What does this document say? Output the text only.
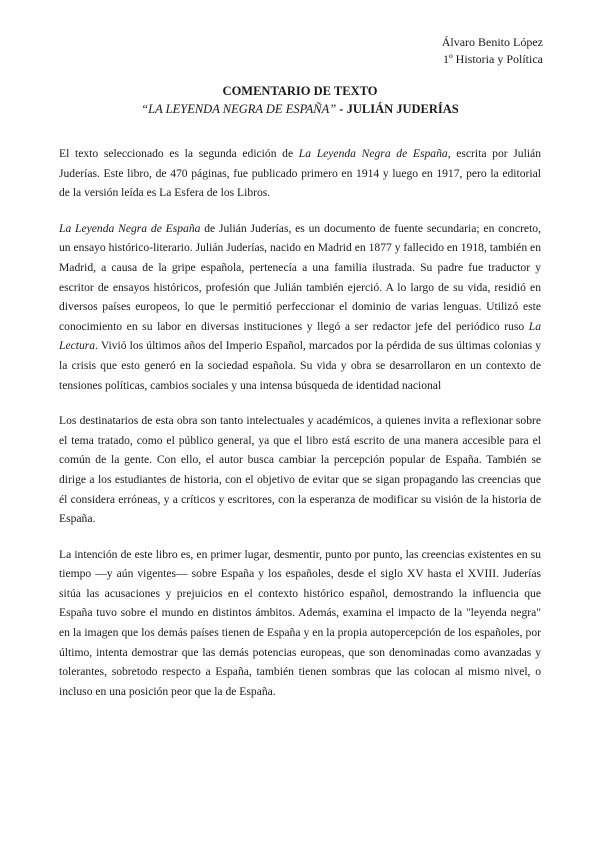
Álvaro Benito López
1º Historia y Política
COMENTARIO DE TEXTO
“LA LEYENDA NEGRA DE ESPAÑA” - JULIÁN JUDERÍAS

El texto seleccionado es la segunda edición de La Leyenda Negra de España, escrita por Julián Juderías. Este libro, de 470 páginas, fue publicado primero en 1914 y luego en 1917, pero la editorial de la versión leída es La Esfera de los Libros.

La Leyenda Negra de España de Julián Juderías, es un documento de fuente secundaria; en concreto, un ensayo histórico-literario. Julián Juderías, nacido en Madrid en 1877 y fallecido en 1918, también en Madrid, a causa de la gripe española, pertenecía a una familia ilustrada. Su padre fue traductor y escritor de ensayos históricos, profesión que Julián también ejerció. A lo largo de su vida, residió en diversos países europeos, lo que le permitió perfeccionar el dominio de varias lenguas. Utilizó este conocimiento en su labor en diversas instituciones y llegó a ser redactor jefe del periódico ruso La Lectura. Vivió los últimos años del Imperio Español, marcados por la pérdida de sus últimas colonias y la crisis que esto generó en la sociedad española. Su vida y obra se desarrollaron en un contexto de tensiones políticas, cambios sociales y una intensa búsqueda de identidad nacional

Los destinatarios de esta obra son tanto intelectuales y académicos, a quienes invita a reflexionar sobre el tema tratado, como el público general, ya que el libro está escrito de una manera accesible para el común de la gente. Con ello, el autor busca cambiar la percepción popular de España. También se dirige a los estudiantes de historia, con el objetivo de evitar que se sigan propagando las creencias que él considera erróneas, y a críticos y escritores, con la esperanza de modificar su visión de la historia de España.

La intención de este libro es, en primer lugar, desmentir, punto por punto, las creencias existentes en su tiempo —y aún vigentes— sobre España y los españoles, desde el siglo XV hasta el XVIII. Juderías sitúa las acusaciones y prejuicios en el contexto histórico español, demostrando la influencia que España tuvo sobre el mundo en distintos ámbitos. Además, examina el impacto de la "leyenda negra" en la imagen que los demás países tienen de España y en la propia autopercepción de los españoles, por último, intenta demostrar que las demás potencias europeas, que son denominadas como avanzadas y tolerantes, sobretodo respecto a España, también tienen sombras que las colocan al mismo nivel, o incluso en una posición peor que la de España.
